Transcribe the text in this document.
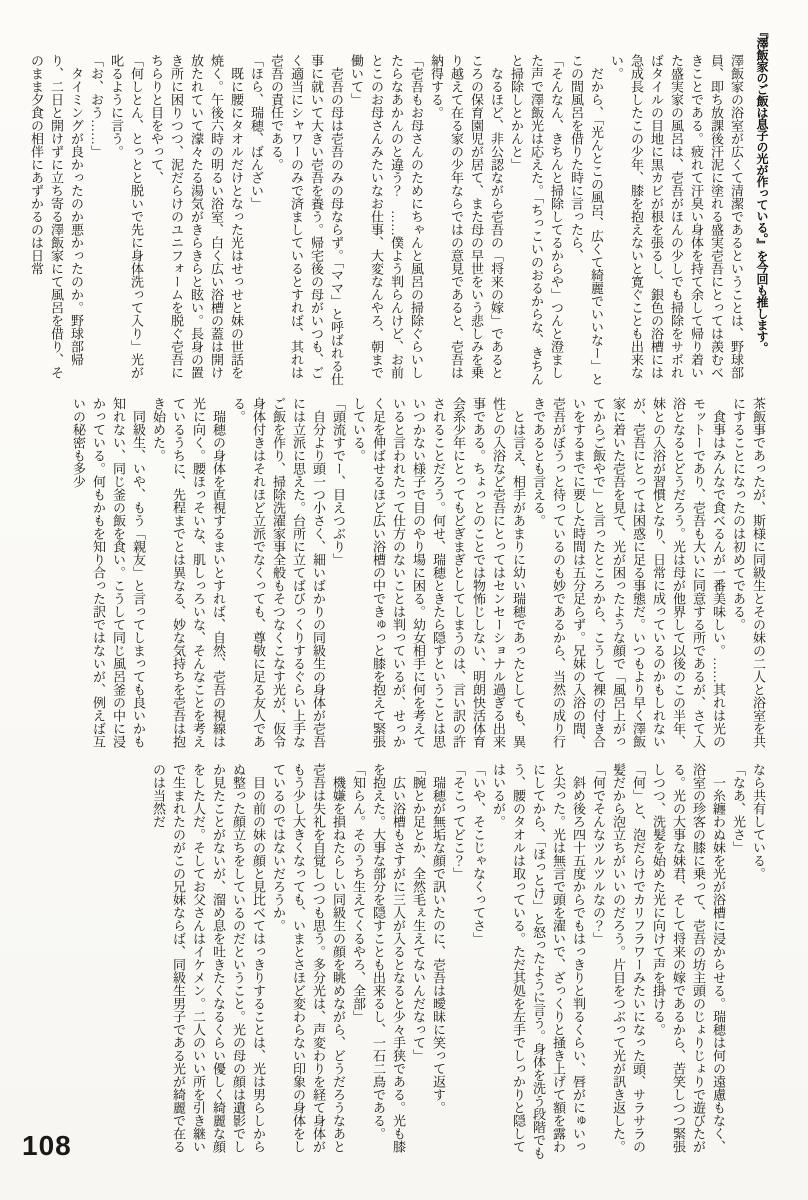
『澤飯家のご飯は息子の光が作っている。』を今回も推します。

澤飯家の浴室が広くて清潔であるということは、野球部員、即ち放課後汗泥に塗れる盛実壱吾にとっては羨むべきことである。疲れて汗臭い身体を持て余して帰り着いた盛実家の風呂は、壱吾がほんの少しでも掃除をサボればタイルの目地に黒カビが根を張るし、銀色の浴槽には急成長したこの少年、膝を抱えないと寛ぐことも出来ない。

だから、「光んとこの風呂、広くて綺麗でいいなー」とこの間風呂を借りた時に言ったら、

「そんなん、きちんと掃除してるからや」つんと澄ました声で澤飯光は応えた。「ちっこいのおるからな、きちんと掃除しとかんと」

なるほど、非公認ながら壱吾の「将来の嫁」であるところの保育園児が居て、また母の早世をいう悲しみを乗り越えて在る家の少年ならではの意見であると、壱吾は納得する。

「壱吾もお母さんのためにちゃんと風呂の掃除ぐらいしたらなあかんのと違う？　……僕よう判らんけど、お前とこのお母さんみたいなお仕事、大変なんやろ、朝まで働いて」

壱吾の母は壱吾のみの母ならず。「ママ」と呼ばれる仕事に就いて大きい壱吾を養う。帰宅後の母がいつも、ごく適当にシャワーのみで済ましているとすれば、其れは壱吾の責任である。

「ほら、瑞穂、ばんざい」

既に腰にタオルだけとなった光はせっせと妹の世話を焼く。午後六時の明るい浴室、白く広い浴槽の蓋は開け放たれていて濛々たる湯気がきらきらと眩い。長身の置き所に困りつつ、泥だらけのユニフォームを脱ぐ壱吾にちらりと目をやって、

「何しとん、とっとと脱いで先に身体洗って入り」光が叱るように言う。

「お、おう……」

タイミングが良かったのか悪かったのか。野球部帰り、二日と開けずに立ち寄る澤飯家にて風呂を借り、そのまま夕食の相伴にあずかるのは日常

茶飯事であったが、斯様に同級生とその妹の二人と浴室を共にすることになったのは初めてである。

食事はみんなで食べるんが一番美味しい。……其れは光のモットーであり、壱吾も大いに同意する所であるが、さて入浴となるとどうだろう。光は母が他界して以後のこの半年、妹との入浴が習慣となり、日常に成っているのかもしれないが、壱吾にとっては困惑に足る事態だ。いつもより早く澤飯家に着いた壱吾を見て、光が困ったような顔で「風呂上がってからご飯やで」と言ったところから、こうして裸の付き合いをするまでに要した時間は五分足らず。兄妹の入浴の間、壱吾がぼうっと待っているのも妙であるから、当然の成り行きであるとも言える。

とは言え、相手があまりに幼い瑞穂であったとしても、異性との入浴など壱吾にとってはセンセーショナル過ぎる出来事である。ちょっとのことでは物怖じしない、明朗快活体育会系少年にとってもどぎまぎとしてしまうのは、言い訳の許されることだろう。何せ、瑞穂ときたら隠すということは思いつかない様子で目のやり場に困る。幼女相手に何を考えていると言われたって仕方のないことは判っているが、せっかく足を伸ばせるほど広い浴槽の中できゅっと膝を抱えて緊張している。

「頭流すでー、目えつぶり」

自分より頭一つ小さく、細いばかりの同級生の身体が壱吾には立派に思えた。台所に立てばびっくりするぐらい上手なご飯を作り、掃除洗濯家事全般もそつなくこなす光が、仮令身体付きはそれほど立派でなくっても、尊敬に足る友人である。

瑞穂の身体を直視するまいとすれば、自然、壱吾の視線は光に向く。腰ほっそいな、肌しっろいな、そんなことを考えているうちに、先程までとは異なる、妙な気持ちを壱吾は抱き始めた。

同級生、いや、もう「親友」と言ってしまっても良いかも知れない、同じ釜の飯を食い。こうして同じ風呂釜の中に浸かっている。何もかもを知り合った訳ではないが、例えば互いの秘密も多少

なら共有している。

「なあ、光さ」

一糸纏わぬ妹を光が浴槽に浸からせる。瑞穂は何の遠慮もなく、浴室の珍客の膝に乗って、壱吾の坊主頭のじょりじょりで遊びたがる。光の大事な妹君、そして将来の嫁であるから、苦笑しつつ緊張しつつ、洗髪を始めた光に向けて声を掛ける。

「何」と、泡だらけでカリフラワーみたいになった頭、サラサラの髪だから泡立ちがいいのだろう。片目をつぶって光が訊き返した。

「何でそんなツルツルなの？」

斜め後ろ四十五度からでもはっきりと判るくらい、唇がにゅいっと尖った。光は無言で頭を濯いで、ざっくりと掻き上げて額を露わにしてから、「ほっとけ」と怒ったように言う。身体を洗う段階でもう、腰のタオルは取っている。ただ其処を左手でしっかりと隠してはいるが。

「いや、そこじゃなくってさ」

「そこってどこ？」

瑞穂が無垢な顔で訊いたのに、壱吾は曖昧に笑って返す。

「腕とか足とか、全然毛ぇ生えてないんだなって」

広い浴槽もさすがに三人が入るとなると少々手狭である。光も膝を抱えた。大事な部分を隠すことも出来るし、一石二鳥である。

「知らん。そのうち生えてくるやろ、全部」

機嫌を損ねたらしい同級生の顔を眺めながら、どうだろうなあと壱吾は失礼を自覚しつつも思う。多分光は、声変わりを経て身体がもう少し大きくなっても、いまとさほど変わらない印象の身体をしているのではないだろうか。

目の前の妹の顔と見比べてはっきりすることは、光は男らしからぬ整った顔立ちをしているのだということ。光の母の顔は遺影でしか見たことがないが、溜め息を吐きたくなるくらい優しく綺麗な顔をした人だ。そしてお父さんはイケメン。二人のいい所を引き継いで生まれたのがこの兄妹ならば、同級生男子である光が綺麗で在るのは当然だ

108
